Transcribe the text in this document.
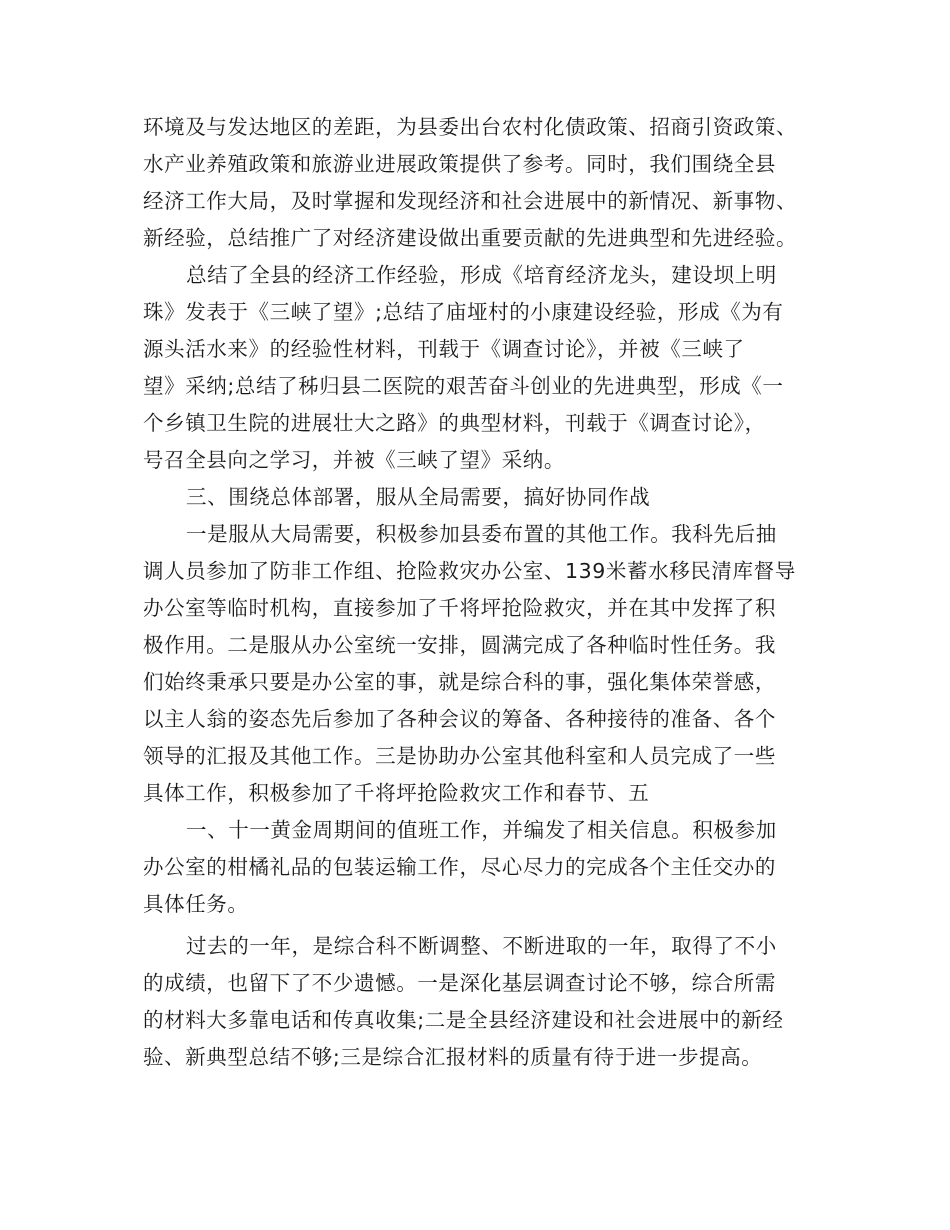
环境及与发达地区的差距，为县委出台农村化债政策、招商引资政策、
水产业养殖政策和旅游业进展政策提供了参考。同时，我们围绕全县
经济工作大局，及时掌握和发现经济和社会进展中的新情况、新事物、
新经验，总结推广了对经济建设做出重要贡献的先进典型和先进经验。
总结了全县的经济工作经验，形成《培育经济龙头，建设坝上明
珠》发表于《三峡了望》;总结了庙垭村的小康建设经验，形成《为有
源头活水来》的经验性材料，刊载于《调查讨论》，并被《三峡了
望》采纳;总结了秭归县二医院的艰苦奋斗创业的先进典型，形成《一
个乡镇卫生院的进展壮大之路》的典型材料，刊载于《调查讨论》，
号召全县向之学习，并被《三峡了望》采纳。
三、围绕总体部署，服从全局需要，搞好协同作战
一是服从大局需要，积极参加县委布置的其他工作。我科先后抽
调人员参加了防非工作组、抢险救灾办公室、139米蓄水移民清库督导
办公室等临时机构，直接参加了千将坪抢险救灾，并在其中发挥了积
极作用。二是服从办公室统一安排，圆满完成了各种临时性任务。我
们始终秉承只要是办公室的事，就是综合科的事，强化集体荣誉感，
以主人翁的姿态先后参加了各种会议的筹备、各种接待的准备、各个
领导的汇报及其他工作。三是协助办公室其他科室和人员完成了一些
具体工作，积极参加了千将坪抢险救灾工作和春节、五
一、十一黄金周期间的值班工作，并编发了相关信息。积极参加
办公室的柑橘礼品的包装运输工作，尽心尽力的完成各个主任交办的
具体任务。
过去的一年，是综合科不断调整、不断进取的一年，取得了不小
的成绩，也留下了不少遗憾。一是深化基层调查讨论不够，综合所需
的材料大多靠电话和传真收集;二是全县经济建设和社会进展中的新经
验、新典型总结不够;三是综合汇报材料的质量有待于进一步提高。
